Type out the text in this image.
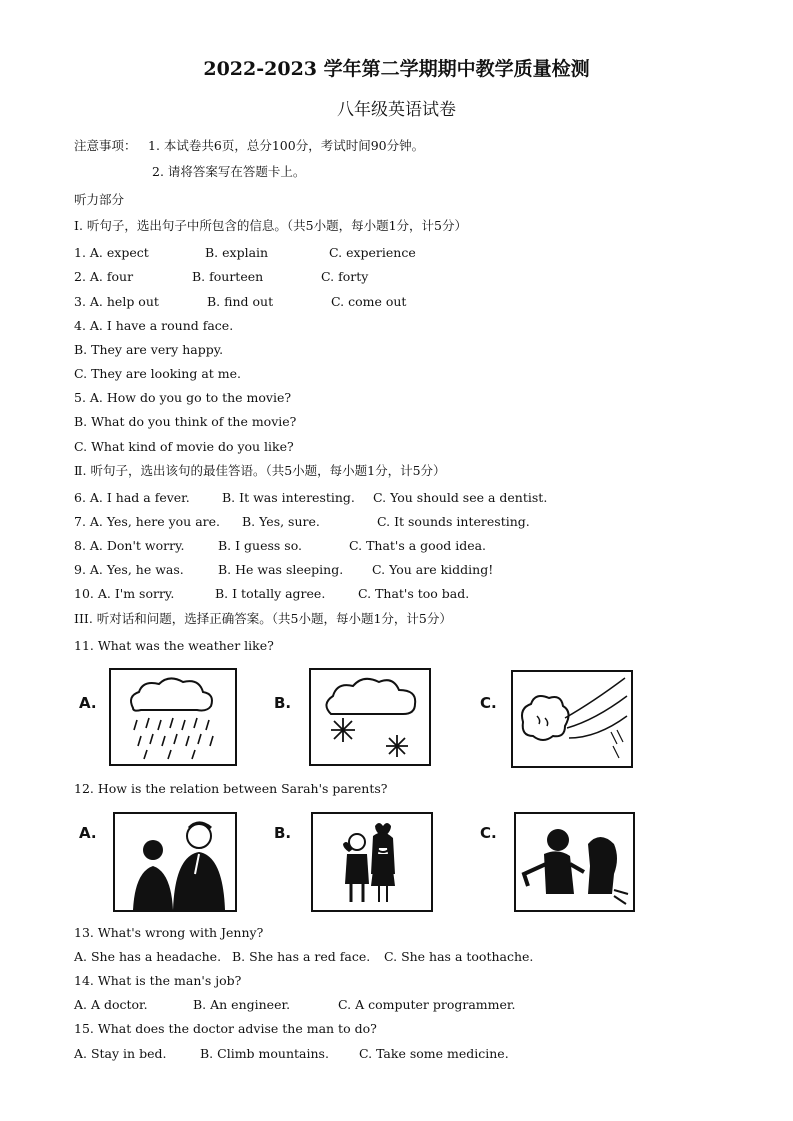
2022-2023 学年第二学期期中教学质量检测
八年级英语试卷
注意事项： 1. 本试卷共6页，总分100分，考试时间90分钟。
2. 请将答案写在答题卡上。
听力部分
I. 听句子，选出句子中所包含的信息。（共5小题，每小题1分，计5分）
1. A. expect	B. explain	C. experience
2. A. four	B. fourteen	C. forty
3. A. help out	B. find out	C. come out
4. A. I have a round face.
B. They are very happy.
C. They are looking at me.
5. A. How do you go to the movie?
B. What do you think of the movie?
C. What kind of movie do you like?
Ⅱ. 听句子，选出该句的最佳答语。（共5小题，每小题1分，计5分）
6. A. I had a fever.	B. It was interesting. C. You should see a dentist.
7. A. Yes, here you are. B. Yes, sure.	C. It sounds interesting.
8. A. Don't worry.	B. I guess so.	C. That's a good idea.
9. A. Yes, he was.	B. He was sleeping. C. You are kidding!
10. A. I'm sorry.	B. I totally agree.	C. That's too bad.
III. 听对话和问题，选择正确答案。（共5小题，每小题1分，计5分）
11. What was the weather like?
A.	B.	C.
12. How is the relation between Sarah's parents?
A.	B.	C.
13. What's wrong with Jenny?
A. She has a headache. B. She has a red face. C. She has a toothache.
14. What is the man's job?
A. A doctor.	B. An engineer.	C. A computer programmer.
15. What does the doctor advise the man to do?
A. Stay in bed.	B. Climb mountains. C. Take some medicine.
